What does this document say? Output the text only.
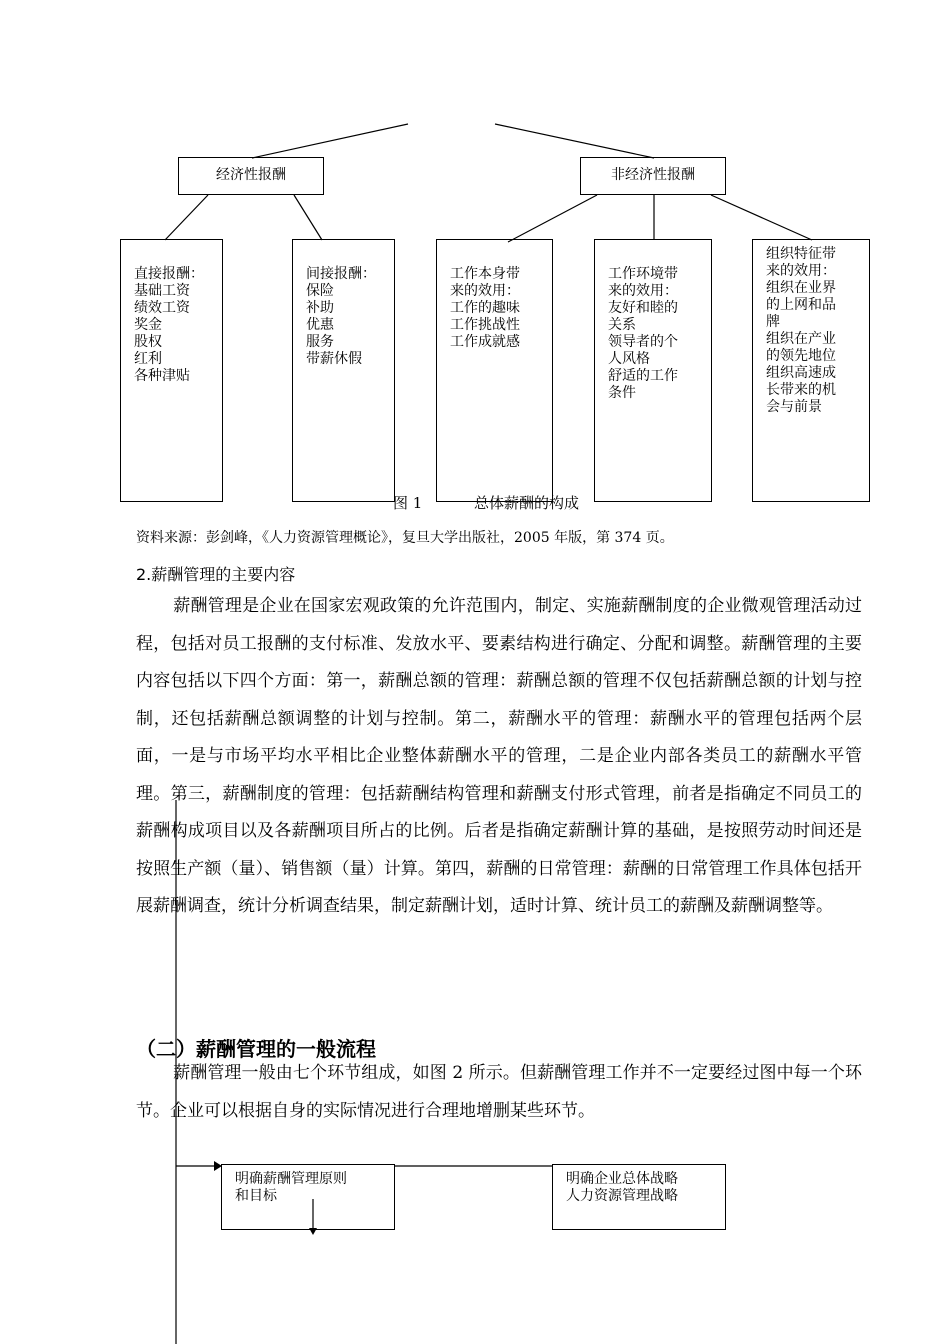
经济性报酬	非经济性报酬
直接报酬：
基础工资
绩效工资
奖金
股权
红利
各种津贴
间接报酬：
保险
补助
优惠
服务
带薪休假
工作本身带
来的效用：
工作的趣味
工作挑战性
工作成就感
工作环境带
来的效用：
友好和睦的
关系
领导者的个
人风格
舒适的工作
条件
组织特征带
来的效用：
组织在业界
的上网和品
牌
组织在产业
的领先地位
组织高速成
长带来的机
会与前景
图 1	总体薪酬的构成
资料来源：彭剑峰，《人力资源管理概论》，复旦大学出版社，2005 年版，第 374 页。
2.薪酬管理的主要内容
薪酬管理是企业在国家宏观政策的允许范围内，制定、实施薪酬制度的企业微观管理活动过程，包括对员工报酬的支付标准、发放水平、要素结构进行确定、分配和调整。薪酬管理的主要内容包括以下四个方面：第一，薪酬总额的管理：薪酬总额的管理不仅包括薪酬总额的计划与控制，还包括薪酬总额调整的计划与控制。第二，薪酬水平的管理：薪酬水平的管理包括两个层面，一是与市场平均水平相比企业整体薪酬水平的管理，二是企业内部各类员工的薪酬水平管理。第三，薪酬制度的管理：包括薪酬结构管理和薪酬支付形式管理，前者是指确定不同员工的薪酬构成项目以及各薪酬项目所占的比例。后者是指确定薪酬计算的基础，是按照劳动时间还是按照生产额（量）、销售额（量）计算。第四，薪酬的日常管理：薪酬的日常管理工作具体包括开展薪酬调查，统计分析调查结果，制定薪酬计划，适时计算、统计员工的薪酬及薪酬调整等。
（二）薪酬管理的一般流程
薪酬管理一般由七个环节组成，如图 2 所示。但薪酬管理工作并不一定要经过图中每一个环节。企业可以根据自身的实际情况进行合理地增删某些环节。
明确薪酬管理原则
和目标
明确企业总体战略
人力资源管理战略
